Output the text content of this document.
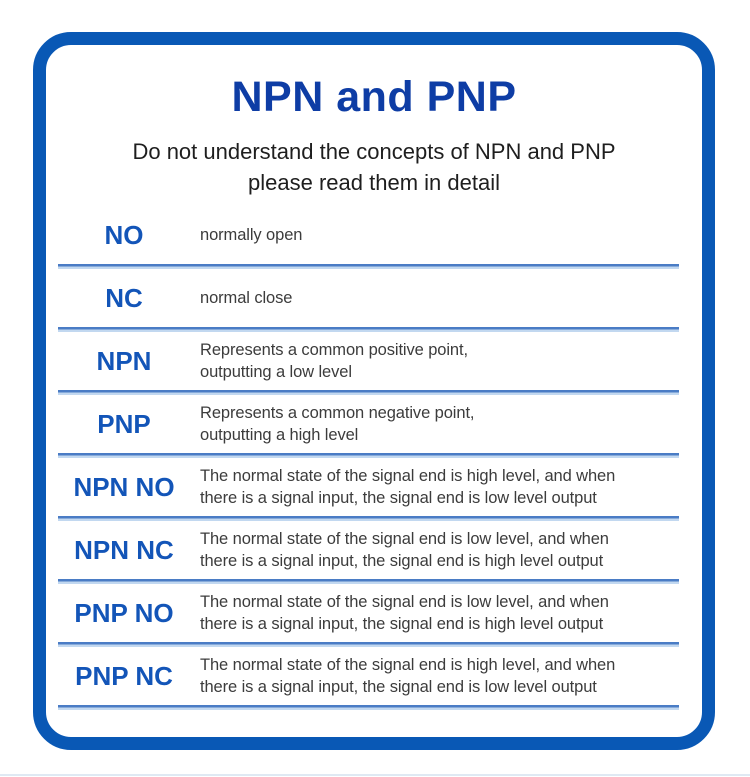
NPN and PNP

Do not understand the concepts of NPN and PNP
please read them in detail

NO	normally open
NC	normal close
NPN	Represents a common positive point,
outputting a low level
PNP	Represents a common negative point,
outputting a high level
NPN NO	The normal state of the signal end is high level, and when
there is a signal input, the signal end is low level output
NPN NC	The normal state of the signal end is low level, and when
there is a signal input, the signal end is high level output
PNP NO	The normal state of the signal end is low level, and when
there is a signal input, the signal end is high level output
PNP NC	The normal state of the signal end is high level, and when
there is a signal input, the signal end is low level output
